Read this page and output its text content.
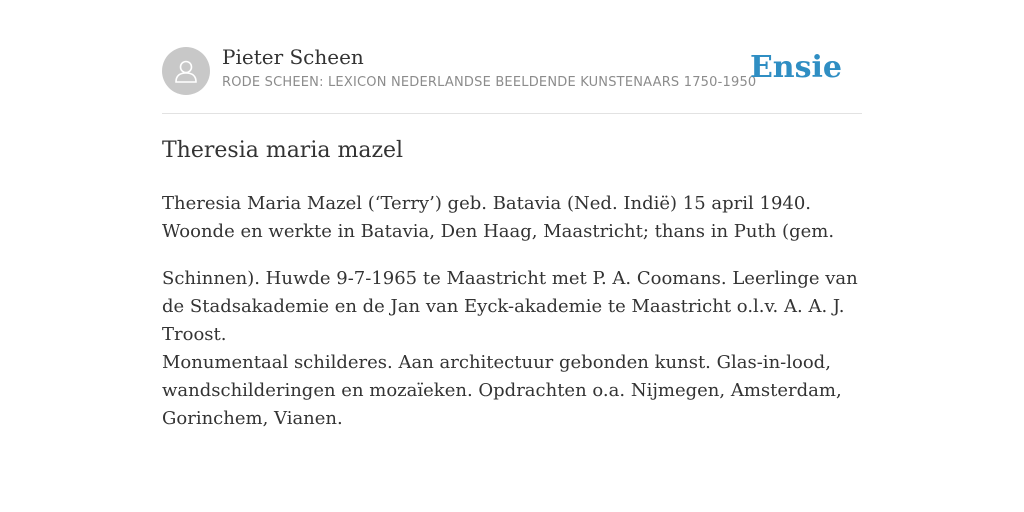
Pieter Scheen
RODE SCHEEN: LEXICON NEDERLANDSE BEELDENDE KUNSTENAARS 1750-1950
Ensie
Theresia maria mazel

Theresia Maria Mazel (‘Terry’) geb. Batavia (Ned. Indië) 15 april 1940. Woonde en werkte in Batavia, Den Haag, Maastricht; thans in Puth (gem.

Schinnen). Huwde 9-7-1965 te Maastricht met P. A. Coomans. Leerlinge van de Stadsakademie en de Jan van Eyck-akademie te Maastricht o.l.v. A. A. J. Troost.

Monumentaal schilderes. Aan architectuur gebonden kunst. Glas-in-lood, wandschilderingen en mozaïeken. Opdrachten o.a. Nijmegen, Amsterdam, Gorinchem, Vianen.
